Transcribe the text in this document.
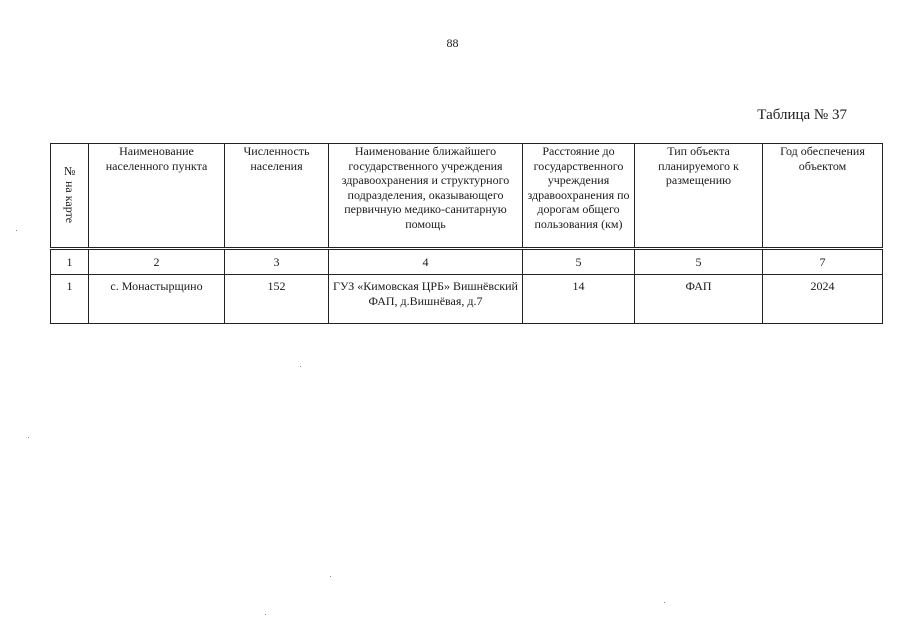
88
Таблица № 37
№ на карте	Наименование населенного пункта	Численность населения	Наименование ближайшего государственного учреждения здравоохранения и структурного подразделения, оказывающего первичную медико-санитарную помощь	Расстояние до государственного учреждения здравоохранения по дорогам общего пользования (км)	Тип объекта планируемого к размещению	Год обеспечения объектом
1	2	3	4	5	5	7
1	с. Монастырщино	152	ГУЗ «Кимовская ЦРБ» Вишнёвский ФАП, д.Вишнёвая, д.7	14	ФАП	2024
